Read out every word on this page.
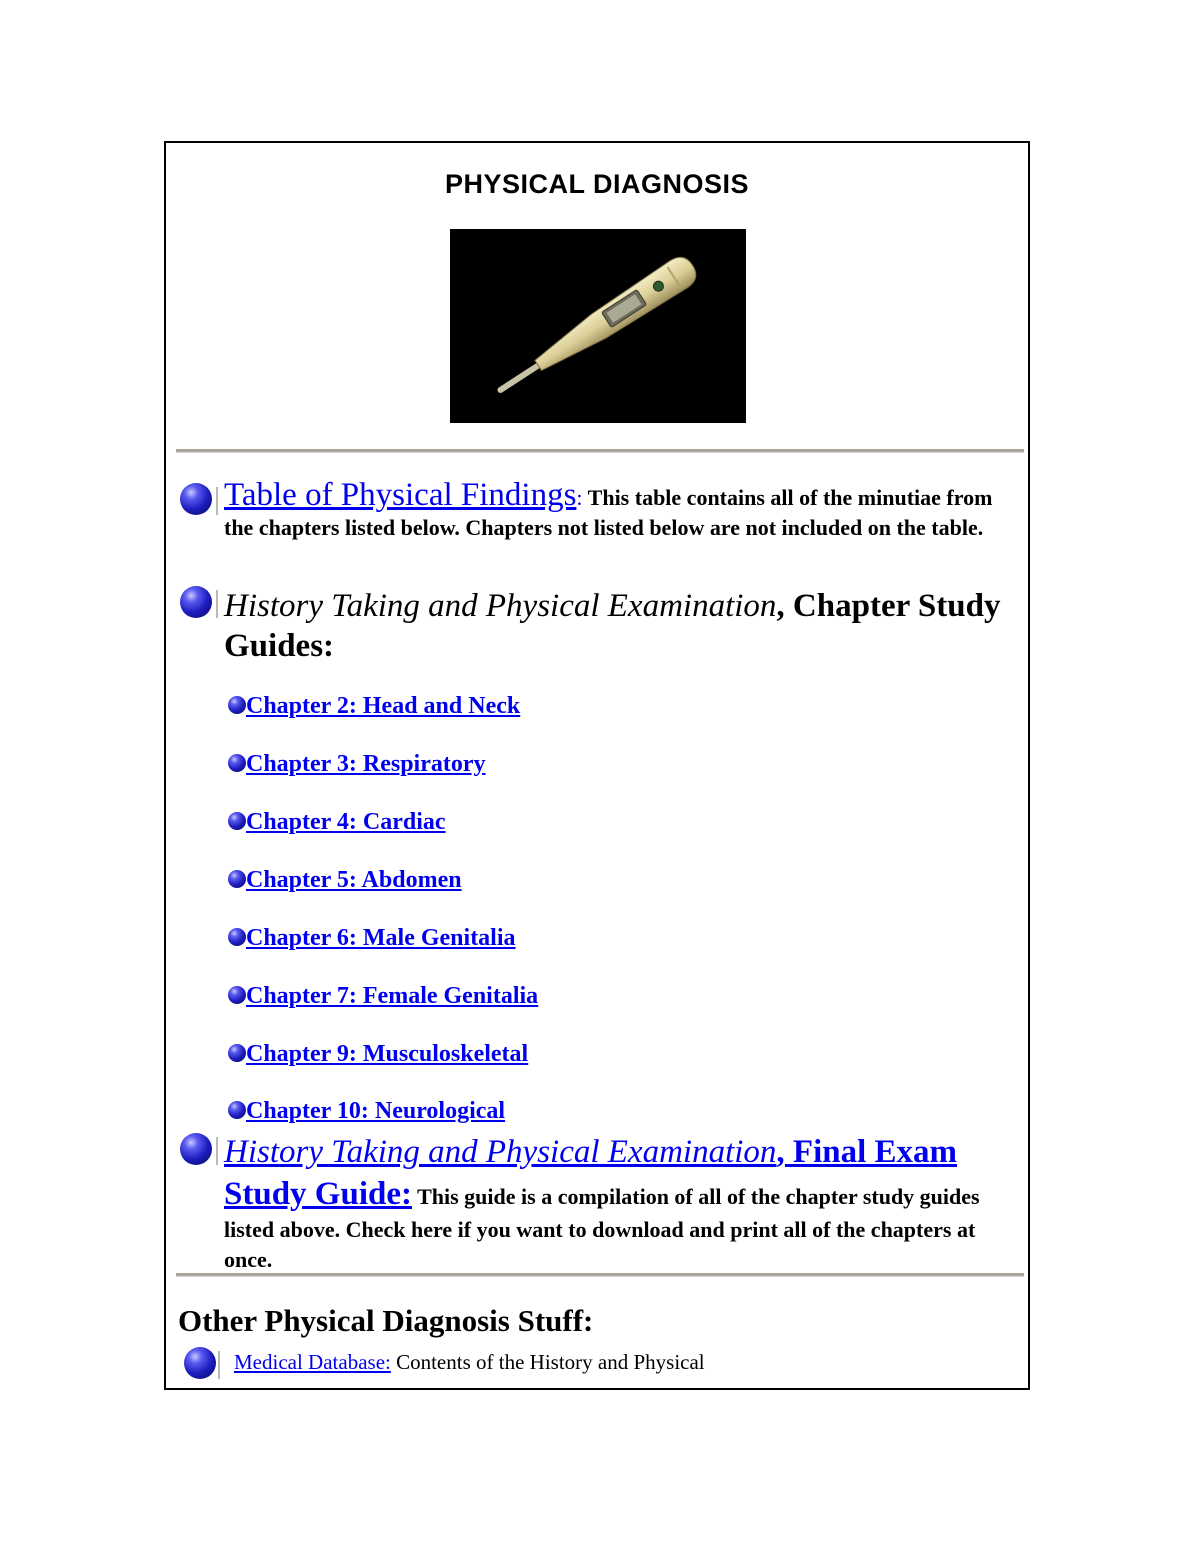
PHYSICAL DIAGNOSIS
Table of Physical Findings: This table contains all of the minutiae from the chapters listed below. Chapters not listed below are not included on the table.
History Taking and Physical Examination, Chapter Study Guides:
Chapter 2: Head and Neck
Chapter 3: Respiratory
Chapter 4: Cardiac
Chapter 5: Abdomen
Chapter 6: Male Genitalia
Chapter 7: Female Genitalia
Chapter 9: Musculoskeletal
Chapter 10: Neurological
History Taking and Physical Examination, Final Exam Study Guide: This guide is a compilation of all of the chapter study guides listed above. Check here if you want to download and print all of the chapters at once.
Other Physical Diagnosis Stuff:
Medical Database: Contents of the History and Physical
